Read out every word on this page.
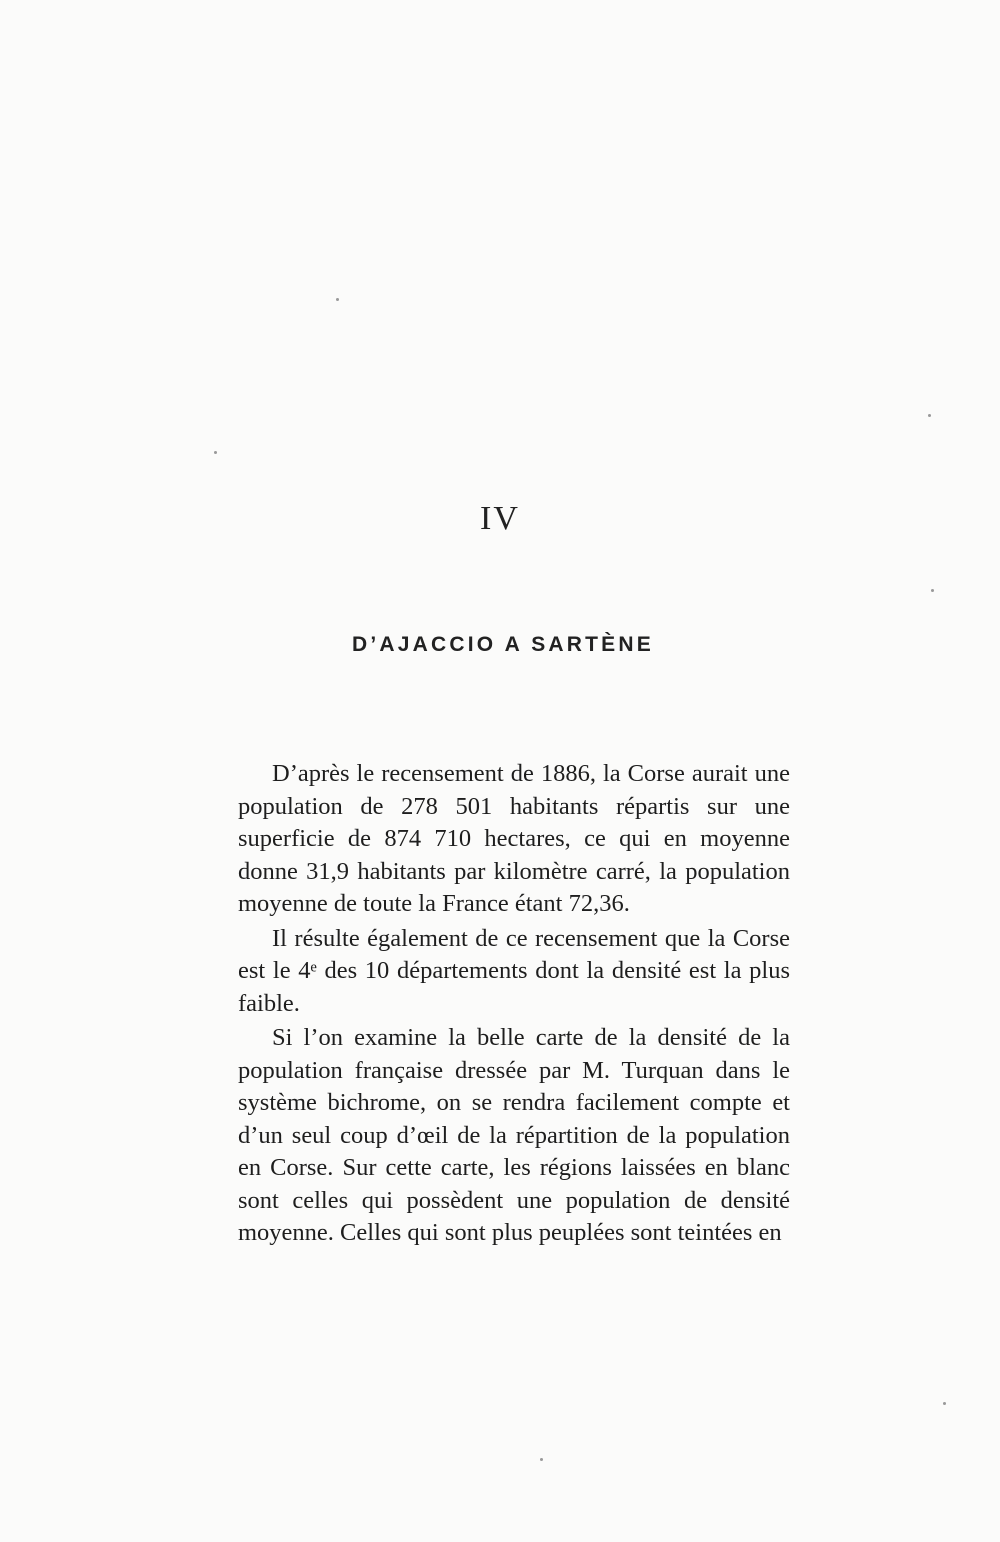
IV
D’AJACCIO A SARTÈNE

D’après le recensement de 1886, la Corse aurait une population de 278 501 habitants répartis sur une superficie de 874 710 hectares, ce qui en moyenne donne 31,9 habitants par kilomètre carré, la population moyenne de toute la France étant 72,36.

Il résulte également de ce recensement que la Corse est le 4ᵉ des 10 départements dont la densité est la plus faible.

Si l’on examine la belle carte de la densité de la population française dressée par M. Turquan dans le système bichrome, on se rendra facilement compte et d’un seul coup d’œil de la répartition de la population en Corse. Sur cette carte, les régions laissées en blanc sont celles qui possèdent une population de densité moyenne. Celles qui sont plus peuplées sont teintées en
